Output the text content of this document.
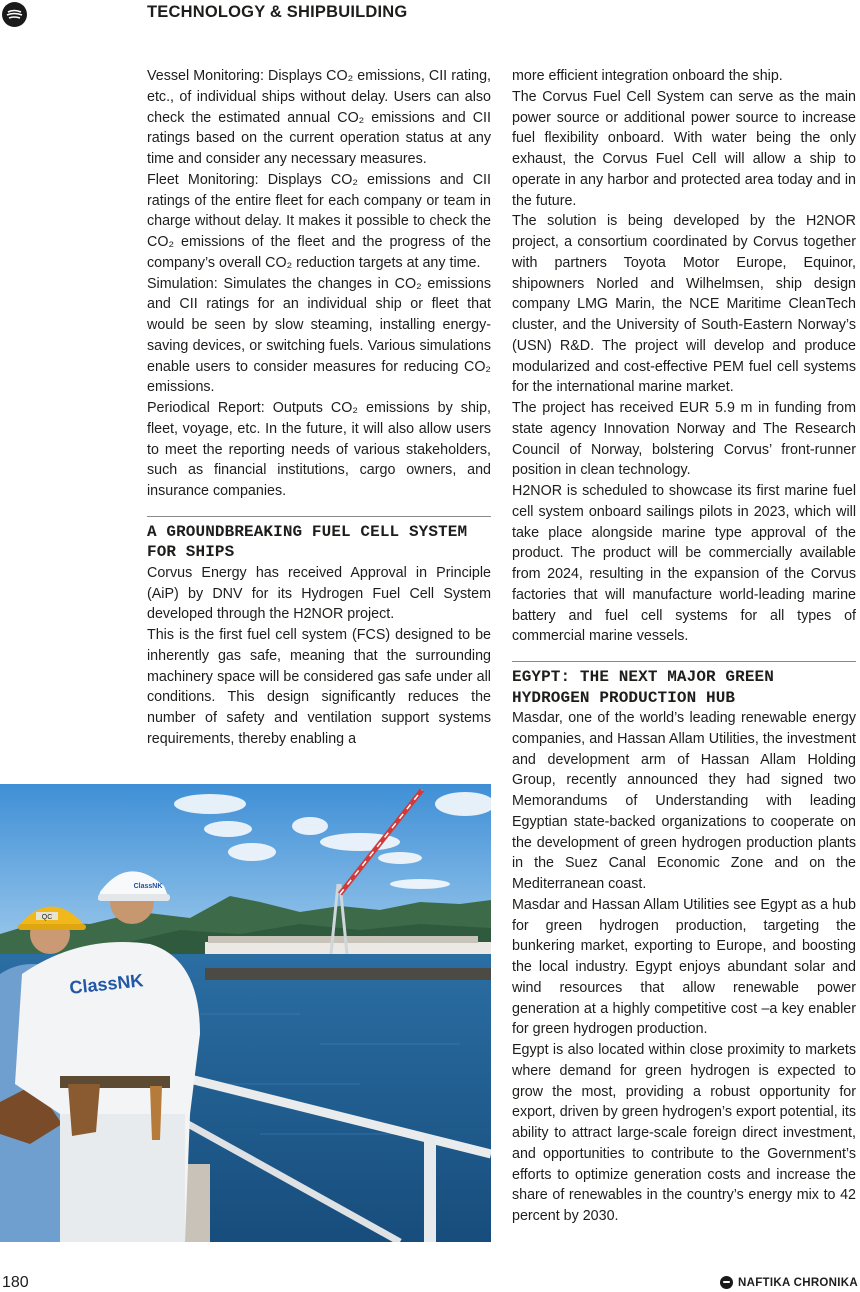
TECHNOLOGY & SHIPBUILDING

Vessel Monitoring: Displays CO₂ emissions, CII rating, etc., of individual ships without delay. Users can also check the estimated annual CO₂ emissions and CII ratings based on the current operation status at any time and consider any necessary measures.

Fleet Monitoring: Displays CO₂ emissions and CII ratings of the entire fleet for each company or team in charge without delay. It makes it possible to check the CO₂ emissions of the fleet and the progress of the company’s overall CO₂ reduction targets at any time.

Simulation: Simulates the changes in CO₂ emissions and CII ratings for an individual ship or fleet that would be seen by slow steaming, installing energy-saving devices, or switching fuels. Various simulations enable users to consider measures for reducing CO₂ emissions.

Periodical Report: Outputs CO₂ emissions by ship, fleet, voyage, etc. In the future, it will also allow users to meet the reporting needs of various stakeholders, such as financial institutions, cargo owners, and insurance companies.

A GROUNDBREAKING FUEL CELL SYSTEM
FOR SHIPS

Corvus Energy has received Approval in Principle (AiP) by DNV for its Hydrogen Fuel Cell System developed through the H2NOR project.

This is the first fuel cell system (FCS) designed to be inherently gas safe, meaning that the surrounding machinery space will be considered gas safe under all conditions. This design significantly reduces the number of safety and ventilation support systems requirements, thereby enabling a

more efficient integration onboard the ship.

The Corvus Fuel Cell System can serve as the main power source or additional power source to increase fuel flexibility onboard. With water being the only exhaust, the Corvus Fuel Cell will allow a ship to operate in any harbor and protected area today and in the future.

The solution is being developed by the H2NOR project, a consortium coordinated by Corvus together with partners Toyota Motor Europe, Equinor, shipowners Norled and Wilhelmsen, ship design company LMG Marin, the NCE Maritime CleanTech cluster, and the University of South-Eastern Norway’s (USN) R&D. The project will develop and produce modularized and cost-effective PEM fuel cell systems for the international marine market.

The project has received EUR 5.9 m in funding from state agency Innovation Norway and The Research Council of Norway, bolstering Corvus’ front-runner position in clean technology.

H2NOR is scheduled to showcase its first marine fuel cell system onboard sailings pilots in 2023, which will take place alongside marine type approval of the product. The product will be commercially available from 2024, resulting in the expansion of the Corvus factories that will manufacture world-leading marine battery and fuel cell systems for all types of commercial marine vessels.

EGYPT: THE NEXT MAJOR GREEN
HYDROGEN PRODUCTION HUB

Masdar, one of the world’s leading renewable energy companies, and Hassan Allam Utilities, the investment and development arm of Hassan Allam Holding Group, recently announced they had signed two Memorandums of Understanding with leading Egyptian state-backed organizations to cooperate on the development of green hydrogen production plants in the Suez Canal Economic Zone and on the Mediterranean coast.

Masdar and Hassan Allam Utilities see Egypt as a hub for green hydrogen production, targeting the bunkering market, exporting to Europe, and boosting the local industry. Egypt enjoys abundant solar and wind resources that allow renewable power generation at a highly competitive cost –a key enabler for green hydrogen production.

Egypt is also located within close proximity to markets where demand for green hydrogen is expected to grow the most, providing a robust opportunity for export, driven by green hydrogen’s export potential, its ability to attract large-scale foreign direct investment, and opportunities to contribute to the Government’s efforts to optimize generation costs and increase the share of renewables in the country’s energy mix to 42 percent by 2030.

QC
ClassNK
ClassNK
180	NAFTIKA CHRONIKA
